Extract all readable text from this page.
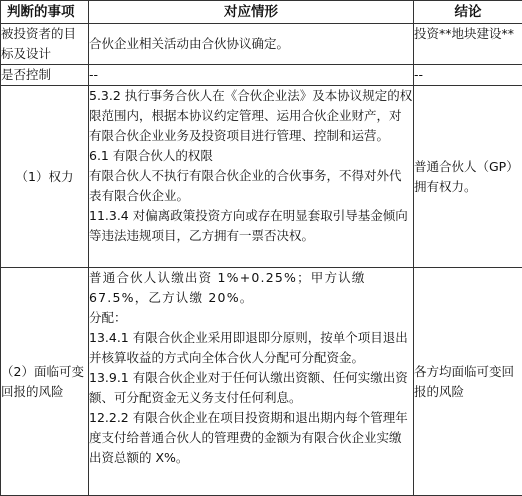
判断的事项	对应情形	结论
被投资者的目标及设计	合伙企业相关活动由合伙协议确定。	投资**地块建设**
是否控制	--	--
（1）权力	5.3.2 执行事务合伙人在《合伙企业法》及本协议规定的权限范围内，根据本协议约定管理、运用合伙企业财产，对有限合伙企业业务及投资项目进行管理、控制和运营。

6.1 有限合伙人的权限

有限合伙人不执行有限合伙企业的合伙事务，不得对外代表有限合伙企业。

11.3.4 对偏离政策投资方向或存在明显套取引导基金倾向等违法违规项目，乙方拥有一票否决权。	普通合伙人（GP）拥有权力。
（2）面临可变回报的风险	普通合伙人认缴出资 1%+0.25%；甲方认缴 67.5%，乙方认缴 20%。

分配：

13.4.1 有限合伙企业采用即退即分原则，按单个项目退出并核算收益的方式向全体合伙人分配可分配资金。

13.9.1 有限合伙企业对于任何认缴出资额、任何实缴出资额、可分配资金无义务支付任何利息。

12.2.2 有限合伙企业在项目投资期和退出期内每个管理年度支付给普通合伙人的管理费的金额为有限合伙企业实缴出资总额的 X%。	各方均面临可变回报的风险
